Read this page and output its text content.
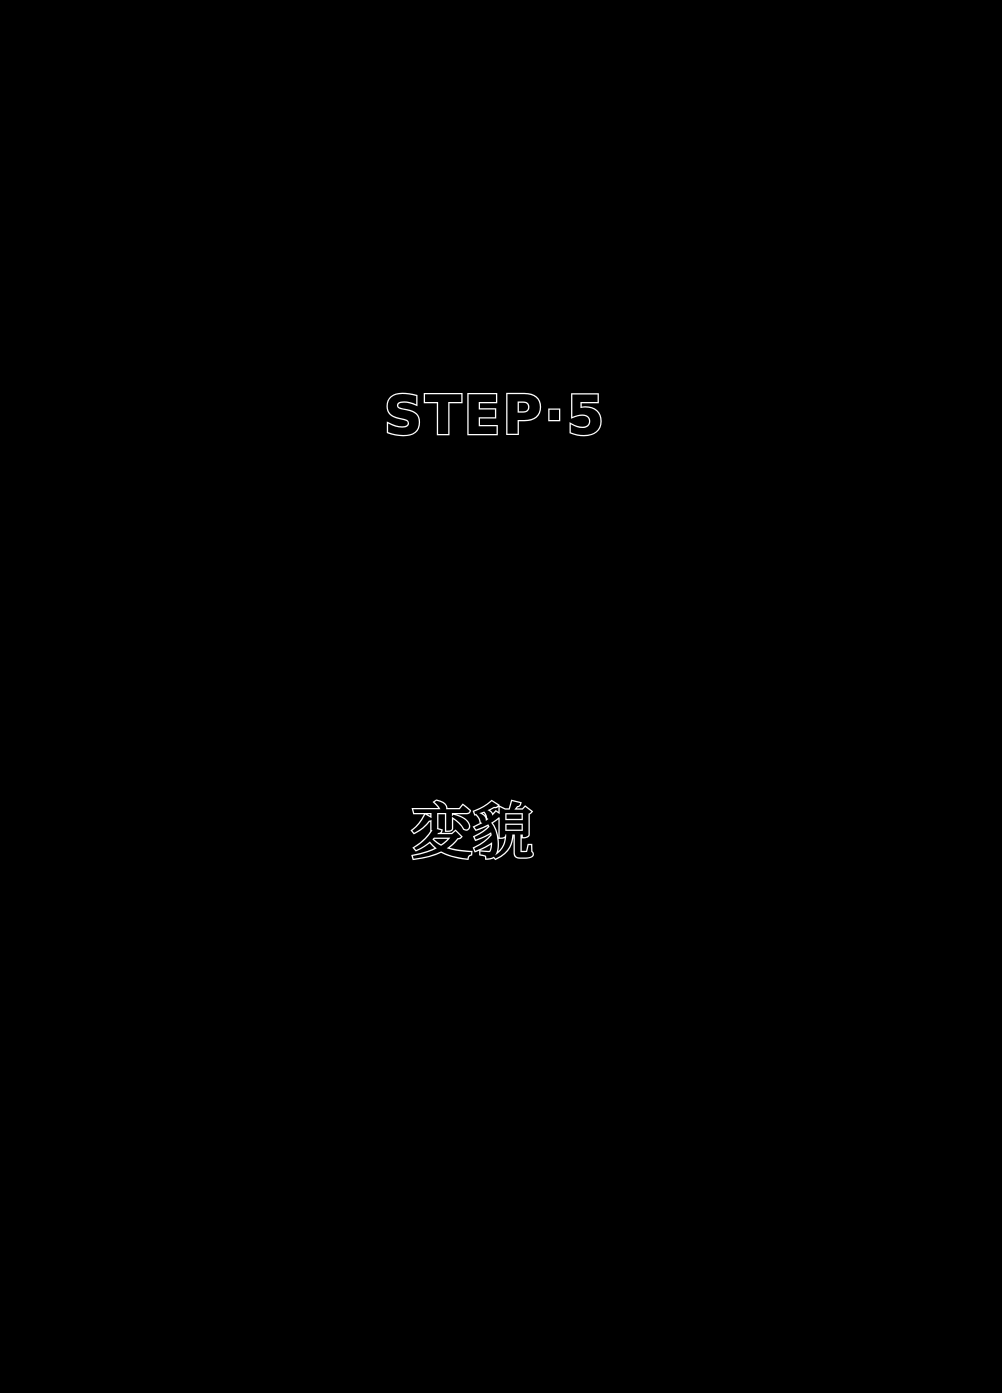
STEP·5
変貌
